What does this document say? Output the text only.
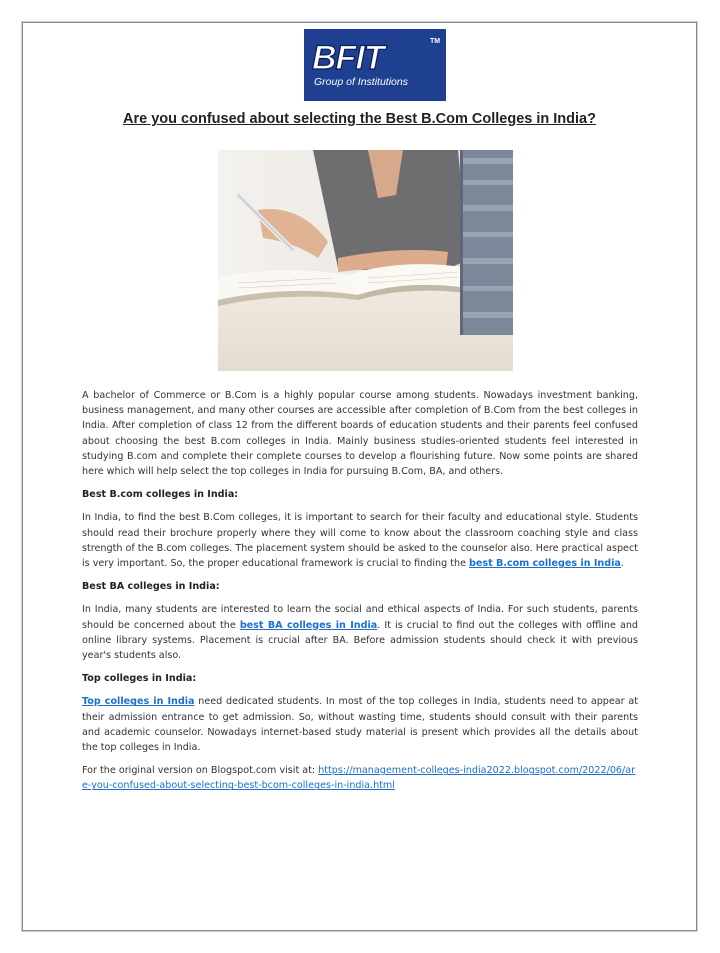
BFIT	TM
Group of Institutions
Are you confused about selecting the Best B.Com Colleges in India?

A bachelor of Commerce or B.Com is a highly popular course among students. Nowadays investment banking, business management, and many other courses are accessible after completion of B.Com from the best colleges in India. After completion of class 12 from the different boards of education students and their parents feel confused about choosing the best B.com colleges in India. Mainly business studies-oriented students feel interested in studying B.com and complete their complete courses to develop a flourishing future. Now some points are shared here which will help select the top colleges in India for pursuing B.Com, BA, and others.

Best B.com colleges in India:

In India, to find the best B.Com colleges, it is important to search for their faculty and educational style. Students should read their brochure properly where they will come to know about the classroom coaching style and class strength of the B.com colleges. The placement system should be asked to the counselor also. Here practical aspect is very important. So, the proper educational framework is crucial to finding the best B.com colleges in India.

Best BA colleges in India:

In India, many students are interested to learn the social and ethical aspects of India. For such students, parents should be concerned about the best BA colleges in India. It is crucial to find out the colleges with offline and online library systems. Placement is crucial after BA. Before admission students should check it with previous year's students also.

Top colleges in India:

Top colleges in India need dedicated students. In most of the top colleges in India, students need to appear at their admission entrance to get admission. So, without wasting time, students should consult with their parents and academic counselor. Nowadays internet-based study material is present which provides all the details about the top colleges in India.

For the original version on Blogspot.com visit at: https://management-colleges-india2022.blogspot.com/2022/06/are-you-confused-about-selecting-best-bcom-colleges-in-india.html
